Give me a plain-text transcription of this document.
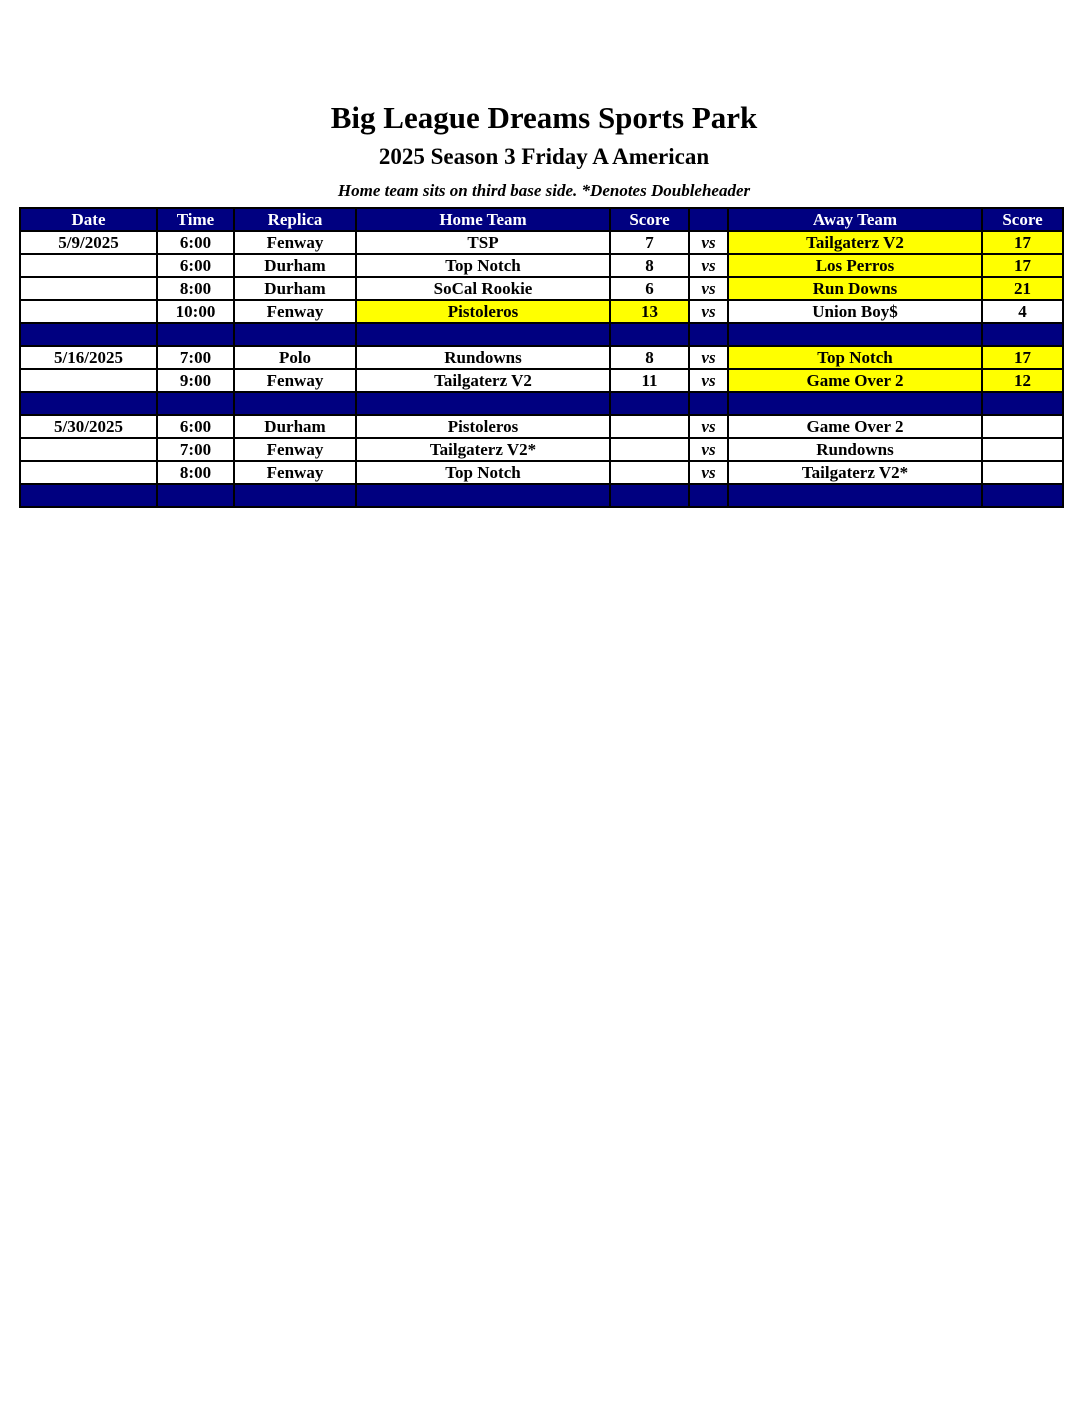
Big League Dreams Sports Park
2025 Season 3 Friday A American
Home team sits on third base side. *Denotes Doubleheader
Date	Time	Replica	Home Team	Score		Away Team	Score
5/9/2025	6:00	Fenway	TSP	7	vs	Tailgaterz V2	17
	6:00	Durham	Top Notch	8	vs	Los Perros	17
	8:00	Durham	SoCal Rookie	6	vs	Run Downs	21
	10:00	Fenway	Pistoleros	13	vs	Union Boy$	4

5/16/2025	7:00	Polo	Rundowns	8	vs	Top Notch	17
	9:00	Fenway	Tailgaterz V2	11	vs	Game Over 2	12

5/30/2025	6:00	Durham	Pistoleros		vs	Game Over 2	
	7:00	Fenway	Tailgaterz V2*		vs	Rundowns	
	8:00	Fenway	Top Notch		vs	Tailgaterz V2*	
